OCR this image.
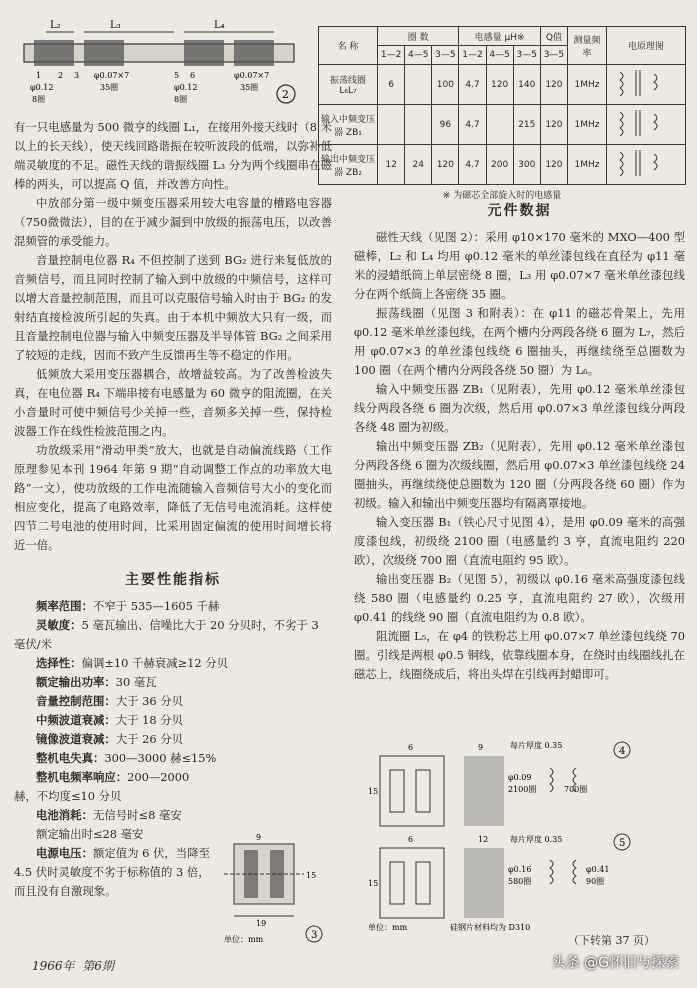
L₂	L₃	L₄
1 2 3 φ0.07×7
35圈
5 6
φ0.12
8圈
φ0.07×7
35圈
φ0.12
8圈	2
名 称	圈 数			电感量 μH※			Q值	测量频率	电原理图
	1—2	4—5	3—5	1—2	4—5	3—5	3—5		
振荡线圈 L₆L₇	6		100	4.7	120	140	120	1MHz	
输入中频变压器 ZB₁			96	4.7		215	120	1MHz	
输出中频变压器 ZB₂	12	24	120	4.7	200	300	120	1MHz	
※ 为磁芯全部旋入时的电感量

有一只电感量为 500 微亨的线圈 L₁，在接用外接天线时（8 米以上的长天线），使天线回路谐振在较听波段的低端，以弥补低端灵敏度的不足。磁性天线的谐振线圈 L₃ 分为两个线圈串在磁棒的两头，可以提高 Q 值，并改善方向性。

中放部分第一级中频变压器采用较大电容量的槽路电容器（750微微法），目的在于减少漏到中放级的振荡电压，以改善混频管的承受能力。

音量控制电位器 R₄ 不但控制了送到 BG₂ 进行来复低放的音频信号，而且同时控制了输入到中放级的中频信号，这样可以增大音量控制范围，而且可以克服信号输入时由于 BG₂ 的发射结直接检波所引起的失真。由于本机中频放大只有一级，而且音量控制电位器与输入中频变压器及半导体管 BG₂ 之间采用了较短的走线，因而不致产生反馈再生等不稳定的作用。

低频放大采用变压器耦合，故增益较高。为了改善检波失真，在电位器 R₄ 下端串接有电感量为 60 微亨的阻流圈，在关小音量时可使中频信号少关掉一些，音频多关掉一些，保持检波器工作在线性检波范围之内。

功放级采用“滑动甲类”放大，也就是自动偏流线路（工作原理参见本刊 1964 年第 9 期“自动调整工作点的功率放大电路”一文），使功放级的工作电流随输入音频信号大小的变化而相应变化，提高了电路效率，降低了无信号电流消耗。这样使四节二号电池的使用时间，比采用固定偏流的使用时间增长将近一倍。

主要性能指标
频率范围：不窄于 535—1605 千赫
灵敏度：5 毫瓦输出、信噪比大于 20 分贝时，不劣于 3 毫伏/米
选择性：偏调±10 千赫衰减≥12 分贝
额定输出功率：30 毫瓦
音量控制范围：大于 36 分贝
中频波道衰减：大于 18 分贝
镜像波道衰减：大于 26 分贝
整机电失真：300—3000 赫≤15%
整机电频率响应：200—2000 赫，不均度≤10 分贝
电池消耗：无信号时≤8 毫安
额定输出时≤28 毫安
电源电压：额定值为 6 伏，当降至 4.5 伏时灵敏度不劣于标称值的 3 倍，而且没有自激现象。
19
15
9
单位：mm	3
元件数据

磁性天线（见图 2）：采用 φ10×170 毫米的 MXO—400 型磁棒，L₂ 和 L₄ 均用 φ0.12 毫米的单丝漆包线在直径为 φ11 毫米的浸蜡纸筒上单层密绕 8 圈，L₃ 用 φ0.07×7 毫米单丝漆包线分在两个纸筒上各密绕 35 圈。

振荡线圈（见图 3 和附表）：在 φ11 的磁芯骨架上，先用 φ0.12 毫米单丝漆包线，在两个槽内分两段各绕 6 圈为 L₇，然后用 φ0.07×3 的单丝漆包线绕 6 圈抽头，再继续绕至总圈数为 100 圈（在两个槽内分两段各绕 50 圈）为 L₆。

输入中频变压器 ZB₁（见附表），先用 φ0.12 毫米单丝漆包线分两段各绕 6 圈为次级，然后用 φ0.07×3 单丝漆包线分两段各绕 48 圈为初级。

输出中频变压器 ZB₂（见附表），先用 φ0.12 毫米单丝漆包分两段各绕 6 圈为次级线圈，然后用 φ0.07×3 单丝漆包线绕 24 圈抽头，再继续绕使总圈数为 120 圈（分两段各绕 60 圈）作为初级。输入和输出中频变压器均有隔离罩接地。

输入变压器 B₁（铁心尺寸见图 4），是用 φ0.09 毫米的高强度漆包线，初级绕 2100 圈（电感量约 3 亨，直流电阻约 220 欧），次级绕 700 圈（直流电阻约 95 欧）。

输出变压器 B₂（见图 5），初级以 φ0.16 毫米高强度漆包线绕 580 圈（电感量约 0.25 亨，直流电阻约 27 欧），次级用 φ0.41 的线绕 90 圈（直流电阻约为 0.8 欧）。

阻流圈 L₅，在 φ4 的铁粉芯上用 φ0.07×7 单丝漆包线绕 70 圈。引线是两根 φ0.5 铜线，依靠线圈本身，在绕时由线圈线扎在磁芯上，线圈绕成后，将出头焊在引线再封蜡即可。

6	9
15
每片厚度 0.35
φ0.09
2100圈	700圈
4
6	12
15
每片厚度 0.35
φ0.16
580圈
φ0.41
90圈
5
单位：mm	硅钢片材料均为 D310
（下转第 37 页）
1966年 第6期	头条 @G怀旧与探索
